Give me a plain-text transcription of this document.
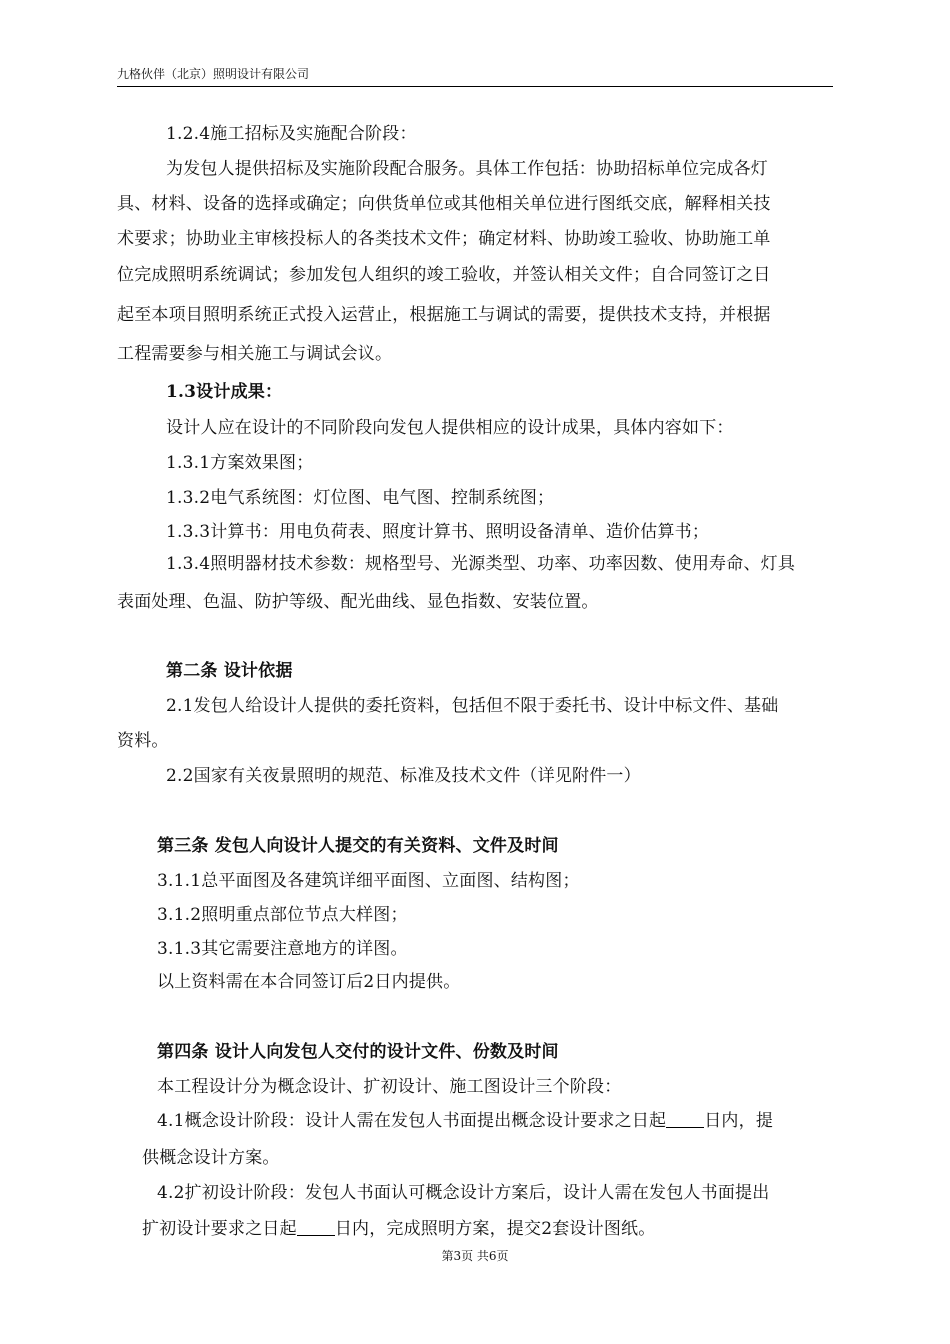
九格伙伴（北京）照明设计有限公司
1.2.4施工招标及实施配合阶段：
为发包人提供招标及实施阶段配合服务。具体工作包括：协助招标单位完成各灯
具、材料、设备的选择或确定；向供货单位或其他相关单位进行图纸交底，解释相关技
术要求；协助业主审核投标人的各类技术文件；确定材料、协助竣工验收、协助施工单
位完成照明系统调试；参加发包人组织的竣工验收，并签认相关文件；自合同签订之日
起至本项目照明系统正式投入运营止，根据施工与调试的需要，提供技术支持，并根据
工程需要参与相关施工与调试会议。
1.3设计成果：
设计人应在设计的不同阶段向发包人提供相应的设计成果，具体内容如下：
1.3.1方案效果图；
1.3.2电气系统图：灯位图、电气图、控制系统图；
1.3.3计算书：用电负荷表、照度计算书、照明设备清单、造价估算书；
1.3.4照明器材技术参数：规格型号、光源类型、功率、功率因数、使用寿命、灯具
表面处理、色温、防护等级、配光曲线、显色指数、安装位置。
第二条 设计依据
2.1发包人给设计人提供的委托资料，包括但不限于委托书、设计中标文件、基础
资料。
2.2国家有关夜景照明的规范、标准及技术文件（详见附件一）
第三条 发包人向设计人提交的有关资料、文件及时间
3.1.1总平面图及各建筑详细平面图、立面图、结构图；
3.1.2照明重点部位节点大样图；
3.1.3其它需要注意地方的详图。
以上资料需在本合同签订后2日内提供。
第四条 设计人向发包人交付的设计文件、份数及时间
本工程设计分为概念设计、扩初设计、施工图设计三个阶段：
4.1概念设计阶段：设计人需在发包人书面提出概念设计要求之日起 日内，提
供概念设计方案。
4.2扩初设计阶段：发包人书面认可概念设计方案后，设计人需在发包人书面提出
扩初设计要求之日起 日内，完成照明方案，提交2套设计图纸。
第3页 共6页
